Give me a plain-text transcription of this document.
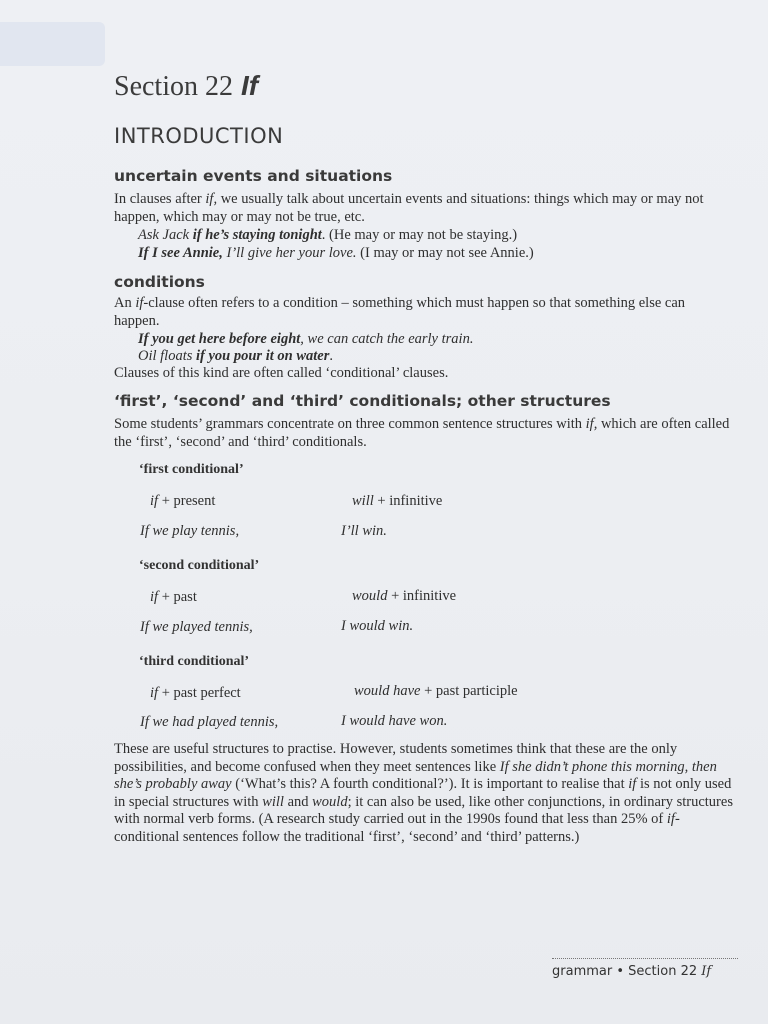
Section 22 If
INTRODUCTION
uncertain events and situations
In clauses after if, we usually talk about uncertain events and situations: things which may or may not happen, which may or may not be true, etc.
Ask Jack if he’s staying tonight. (He may or may not be staying.)
If I see Annie, I’ll give her your love. (I may or may not see Annie.)
conditions
An if-clause often refers to a condition – something which must happen so that something else can happen.
If you get here before eight, we can catch the early train.
Oil floats if you pour it on water.
Clauses of this kind are often called ‘conditional’ clauses.
‘first’, ‘second’ and ‘third’ conditionals; other structures
Some students’ grammars concentrate on three common sentence structures with if, which are often called the ‘first’, ‘second’ and ‘third’ conditionals.
‘first conditional’
if + present	will + infinitive
If we play tennis,	I’ll win.
‘second conditional’
if + past	would + infinitive
If we played tennis,	I would win.
‘third conditional’
if + past perfect	would have + past participle
If we had played tennis,	I would have won.
These are useful structures to practise. However, students sometimes think that these are the only possibilities, and become confused when they meet sentences like If she didn’t phone this morning, then she’s probably away (‘What’s this? A fourth conditional?’). It is important to realise that if is not only used in special structures with will and would; it can also be used, like other conjunctions, in ordinary structures with normal verb forms. (A research study carried out in the 1990s found that less than 25% of if-conditional sentences follow the traditional ‘first’, ‘second’ and ‘third’ patterns.)
grammar • Section 22 If
